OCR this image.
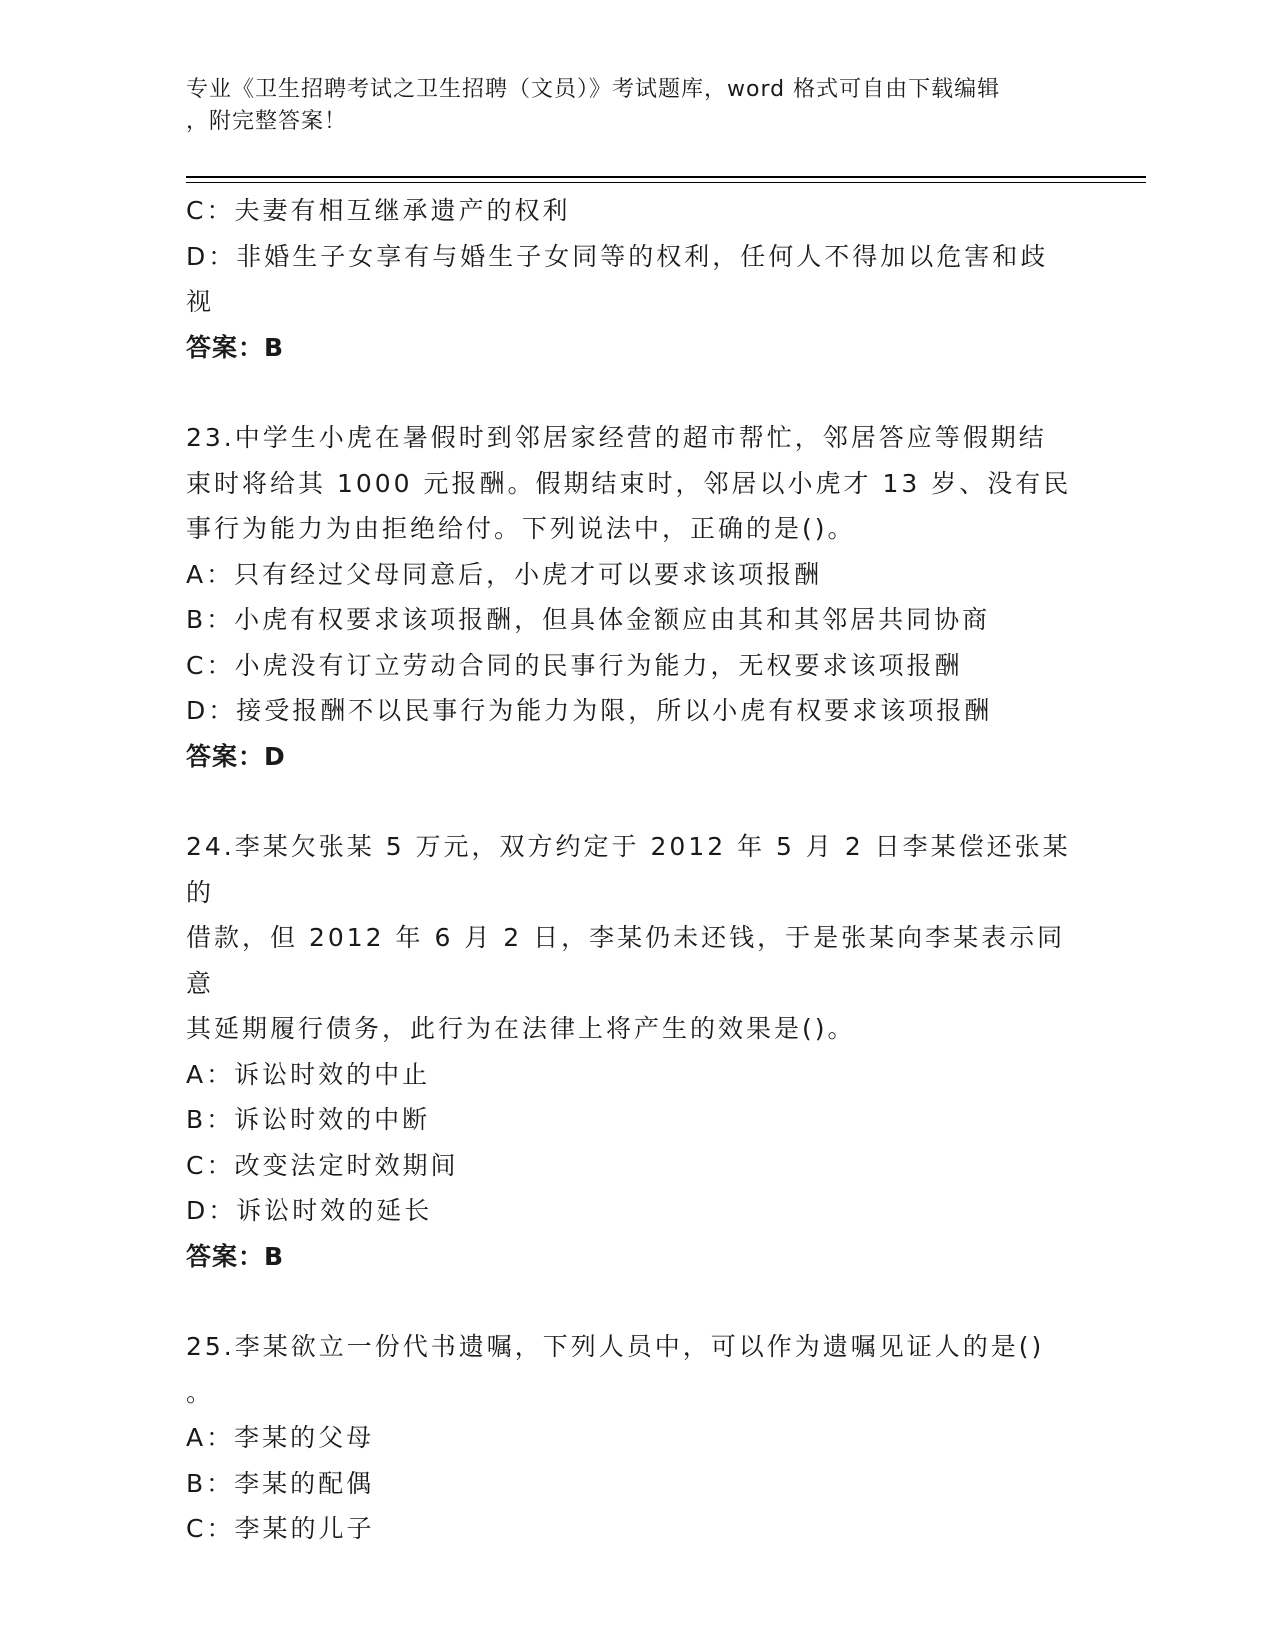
专业《卫生招聘考试之卫生招聘（文员）》考试题库，word 格式可自由下载编辑

，附完整答案！

C：夫妻有相互继承遗产的权利

D：非婚生子女享有与婚生子女同等的权利，任何人不得加以危害和歧

视

答案：B

23.中学生小虎在暑假时到邻居家经营的超市帮忙，邻居答应等假期结

束时将给其 1000 元报酬。假期结束时，邻居以小虎才 13 岁、没有民

事行为能力为由拒绝给付。下列说法中，正确的是()。

A：只有经过父母同意后，小虎才可以要求该项报酬

B：小虎有权要求该项报酬，但具体金额应由其和其邻居共同协商

C：小虎没有订立劳动合同的民事行为能力，无权要求该项报酬

D：接受报酬不以民事行为能力为限，所以小虎有权要求该项报酬

答案：D

24.李某欠张某 5 万元，双方约定于 2012 年 5 月 2 日李某偿还张某的

借款，但 2012 年 6 月 2 日，李某仍未还钱，于是张某向李某表示同意

其延期履行债务，此行为在法律上将产生的效果是()。

A：诉讼时效的中止

B：诉讼时效的中断

C：改变法定时效期间

D：诉讼时效的延长

答案：B

25.李某欲立一份代书遗嘱，下列人员中，可以作为遗嘱见证人的是()

。

A：李某的父母

B：李某的配偶

C：李某的儿子
